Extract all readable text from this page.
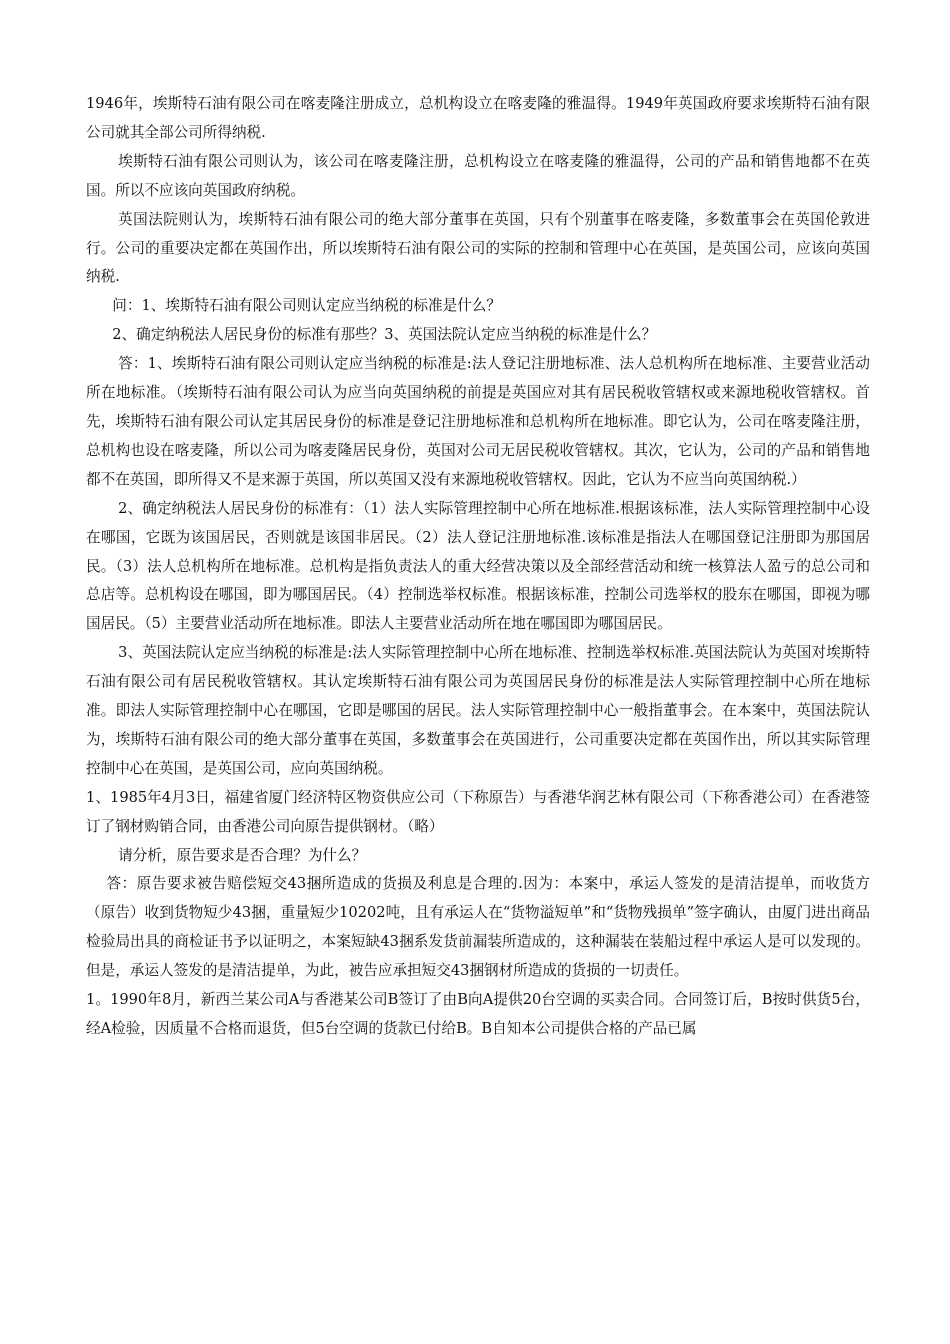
1946年，埃斯特石油有限公司在喀麦隆注册成立，总机构设立在喀麦隆的雅温得。1949年英国政府要求埃斯特石油有限公司就其全部公司所得纳税.

埃斯特石油有限公司则认为，该公司在喀麦隆注册，总机构设立在喀麦隆的雅温得，公司的产品和销售地都不在英国。所以不应该向英国政府纳税。

英国法院则认为，埃斯特石油有限公司的绝大部分董事在英国，只有个别董事在喀麦隆，多数董事会在英国伦敦进行。公司的重要决定都在英国作出，所以埃斯特石油有限公司的实际的控制和管理中心在英国，是英国公司，应该向英国纳税.

问：1、埃斯特石油有限公司则认定应当纳税的标准是什么？

2、确定纳税法人居民身份的标准有那些？3、英国法院认定应当纳税的标准是什么？

答：1、埃斯特石油有限公司则认定应当纳税的标准是:法人登记注册地标准、法人总机构所在地标准、主要营业活动所在地标准。（埃斯特石油有限公司认为应当向英国纳税的前提是英国应对其有居民税收管辖权或来源地税收管辖权。首先，埃斯特石油有限公司认定其居民身份的标准是登记注册地标准和总机构所在地标准。即它认为，公司在喀麦隆注册，总机构也设在喀麦隆，所以公司为喀麦隆居民身份，英国对公司无居民税收管辖权。其次，它认为，公司的产品和销售地都不在英国，即所得又不是来源于英国，所以英国又没有来源地税收管辖权。因此，它认为不应当向英国纳税.）

2、确定纳税法人居民身份的标准有：（1）法人实际管理控制中心所在地标准.根据该标准，法人实际管理控制中心设在哪国，它既为该国居民，否则就是该国非居民。（2）法人登记注册地标准.该标准是指法人在哪国登记注册即为那国居民。（3）法人总机构所在地标准。总机构是指负责法人的重大经营决策以及全部经营活动和统一核算法人盈亏的总公司和总店等。总机构设在哪国，即为哪国居民。（4）控制选举权标准。根据该标准，控制公司选举权的股东在哪国，即视为哪国居民。（5）主要营业活动所在地标准。即法人主要营业活动所在地在哪国即为哪国居民。

3、英国法院认定应当纳税的标准是:法人实际管理控制中心所在地标准、控制选举权标准.英国法院认为英国对埃斯特石油有限公司有居民税收管辖权。其认定埃斯特石油有限公司为英国居民身份的标准是法人实际管理控制中心所在地标准。即法人实际管理控制中心在哪国，它即是哪国的居民。法人实际管理控制中心一般指董事会。在本案中，英国法院认为，埃斯特石油有限公司的绝大部分董事在英国，多数董事会在英国进行，公司重要决定都在英国作出，所以其实际管理控制中心在英国，是英国公司，应向英国纳税。

1、1985年4月3日，福建省厦门经济特区物资供应公司（下称原告）与香港华润艺林有限公司（下称香港公司）在香港签订了钢材购销合同，由香港公司向原告提供钢材。（略）

请分析，原告要求是否合理？为什么？

答：原告要求被告赔偿短交43捆所造成的货损及利息是合理的.因为：本案中，承运人签发的是清洁提单，而收货方（原告）收到货物短少43捆，重量短少10202吨，且有承运人在“货物溢短单”和“货物残损单”签字确认，由厦门进出商品检验局出具的商检证书予以证明之，本案短缺43捆系发货前漏装所造成的，这种漏装在装船过程中承运人是可以发现的。但是，承运人签发的是清洁提单，为此，被告应承担短交43捆钢材所造成的货损的一切责任。

1。1990年8月，新西兰某公司A与香港某公司B签订了由B向A提供20台空调的买卖合同。合同签订后，B按时供货5台，经A检验，因质量不合格而退货，但5台空调的货款已付给B。B自知本公司提供合格的产品已属
